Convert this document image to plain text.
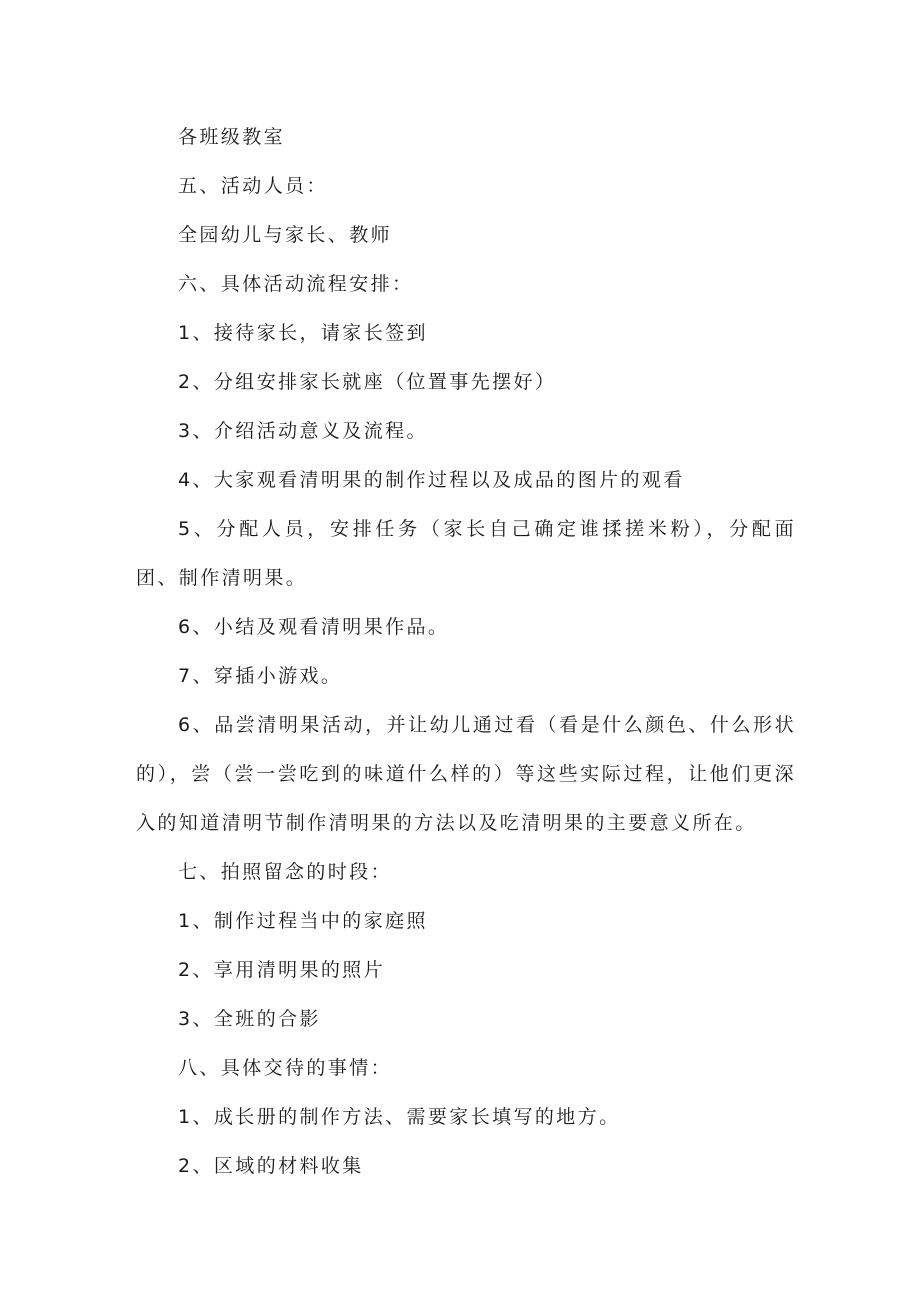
各班级教室

五、活动人员：

全园幼儿与家长、教师

六、具体活动流程安排：

1、接待家长，请家长签到

2、分组安排家长就座（位置事先摆好）

3、介绍活动意义及流程。

4、大家观看清明果的制作过程以及成品的图片的观看

5、分配人员，安排任务（家长自己确定谁揉搓米粉），分配面团、制作清明果。

6、小结及观看清明果作品。

7、穿插小游戏。

6、品尝清明果活动，并让幼儿通过看（看是什么颜色、什么形状的），尝（尝一尝吃到的味道什么样的）等这些实际过程，让他们更深入的知道清明节制作清明果的方法以及吃清明果的主要意义所在。

七、拍照留念的时段：

1、制作过程当中的家庭照

2、享用清明果的照片

3、全班的合影

八、具体交待的事情：

1、成长册的制作方法、需要家长填写的地方。

2、区域的材料收集
